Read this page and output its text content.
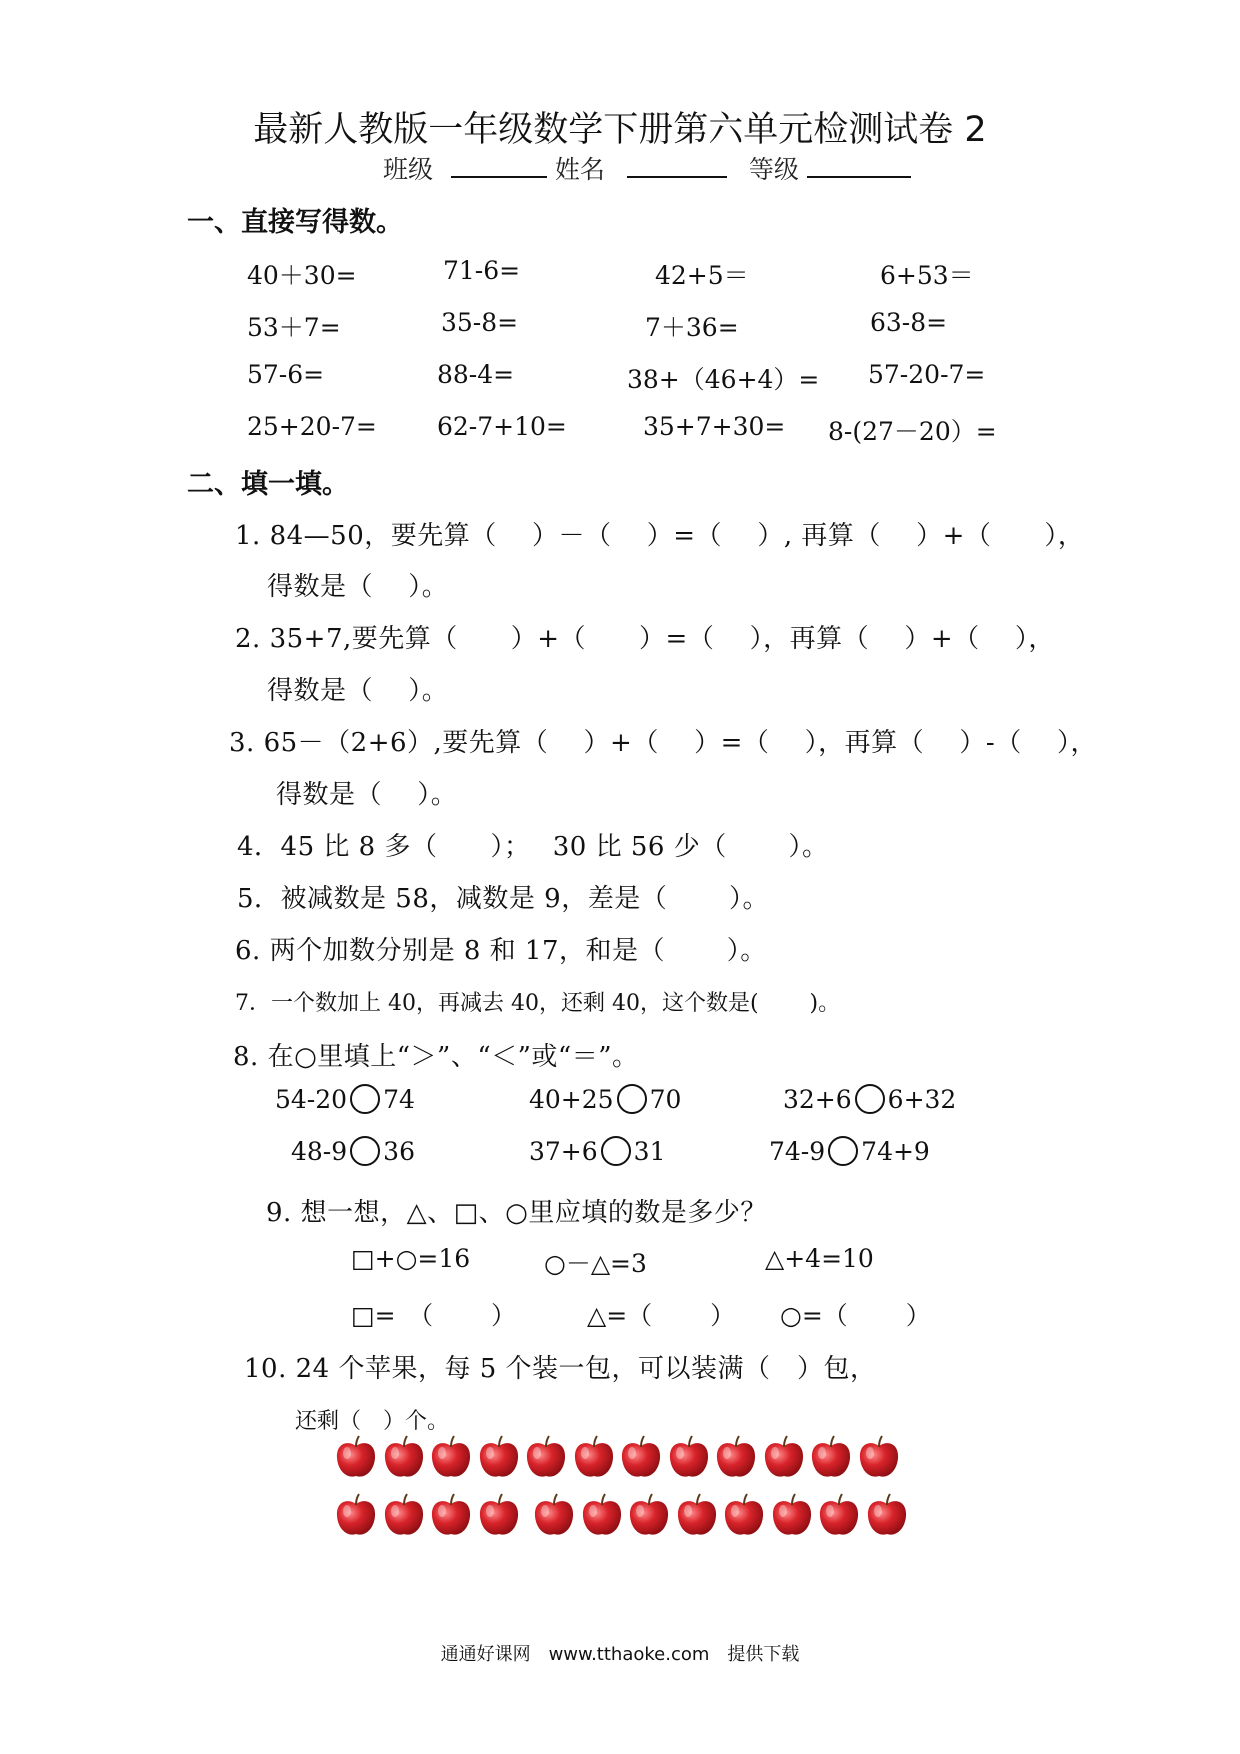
最新人教版一年级数学下册第六单元检测试卷 2
班级	姓名	等级
一、直接写得数。
40＋30=	71-6=	42+5＝	6+53＝
53＋7=	35-8=	7＋36=	63-8=
57-6=	88-4=	38+（46+4）= 57-20-7=
25+20-7= 62-7+10=	35+7+30= 8-(27－20）=
二、填一填。
1. 84—50，要先算（　 ）－（　 ）=（　 ）, 再算（　 ）+（　　），
得数是（　 ）。
2. 35+7,要先算（　　）+（　　）=（　 ），再算（　 ）+（　 ），
得数是（　 ）。
3. 65－（2+6）,要先算（　 ）+（　 ）=（　 ），再算（　 ）-（　 ），
得数是（　 ）。
4．45 比 8 多（　　）；　 30 比 56 少（　　 ）。
5．被减数是 58，减数是 9，差是（　　 ）。
6. 两个加数分别是 8 和 17，和是（　　 ）。
7．一个数加上 40，再减去 40，还剩 40，这个数是(　　 )。
8. 在○里填上“＞”、“＜”或“＝”。
54-20 74	40+25 70	32+6 6+32
48-9 36	37+6 31	74-9 74+9
9. 想一想，△、□、○里应填的数是多少？
□+○=16	○－△=3	△+4=10
□=　（　　 ）	△=（　　 ） ○=（　　 ）
10. 24 个苹果，每 5 个装一包，可以装满（　）包，
还剩（　）个。
通通好课网　www.tthaoke.com　提供下载
